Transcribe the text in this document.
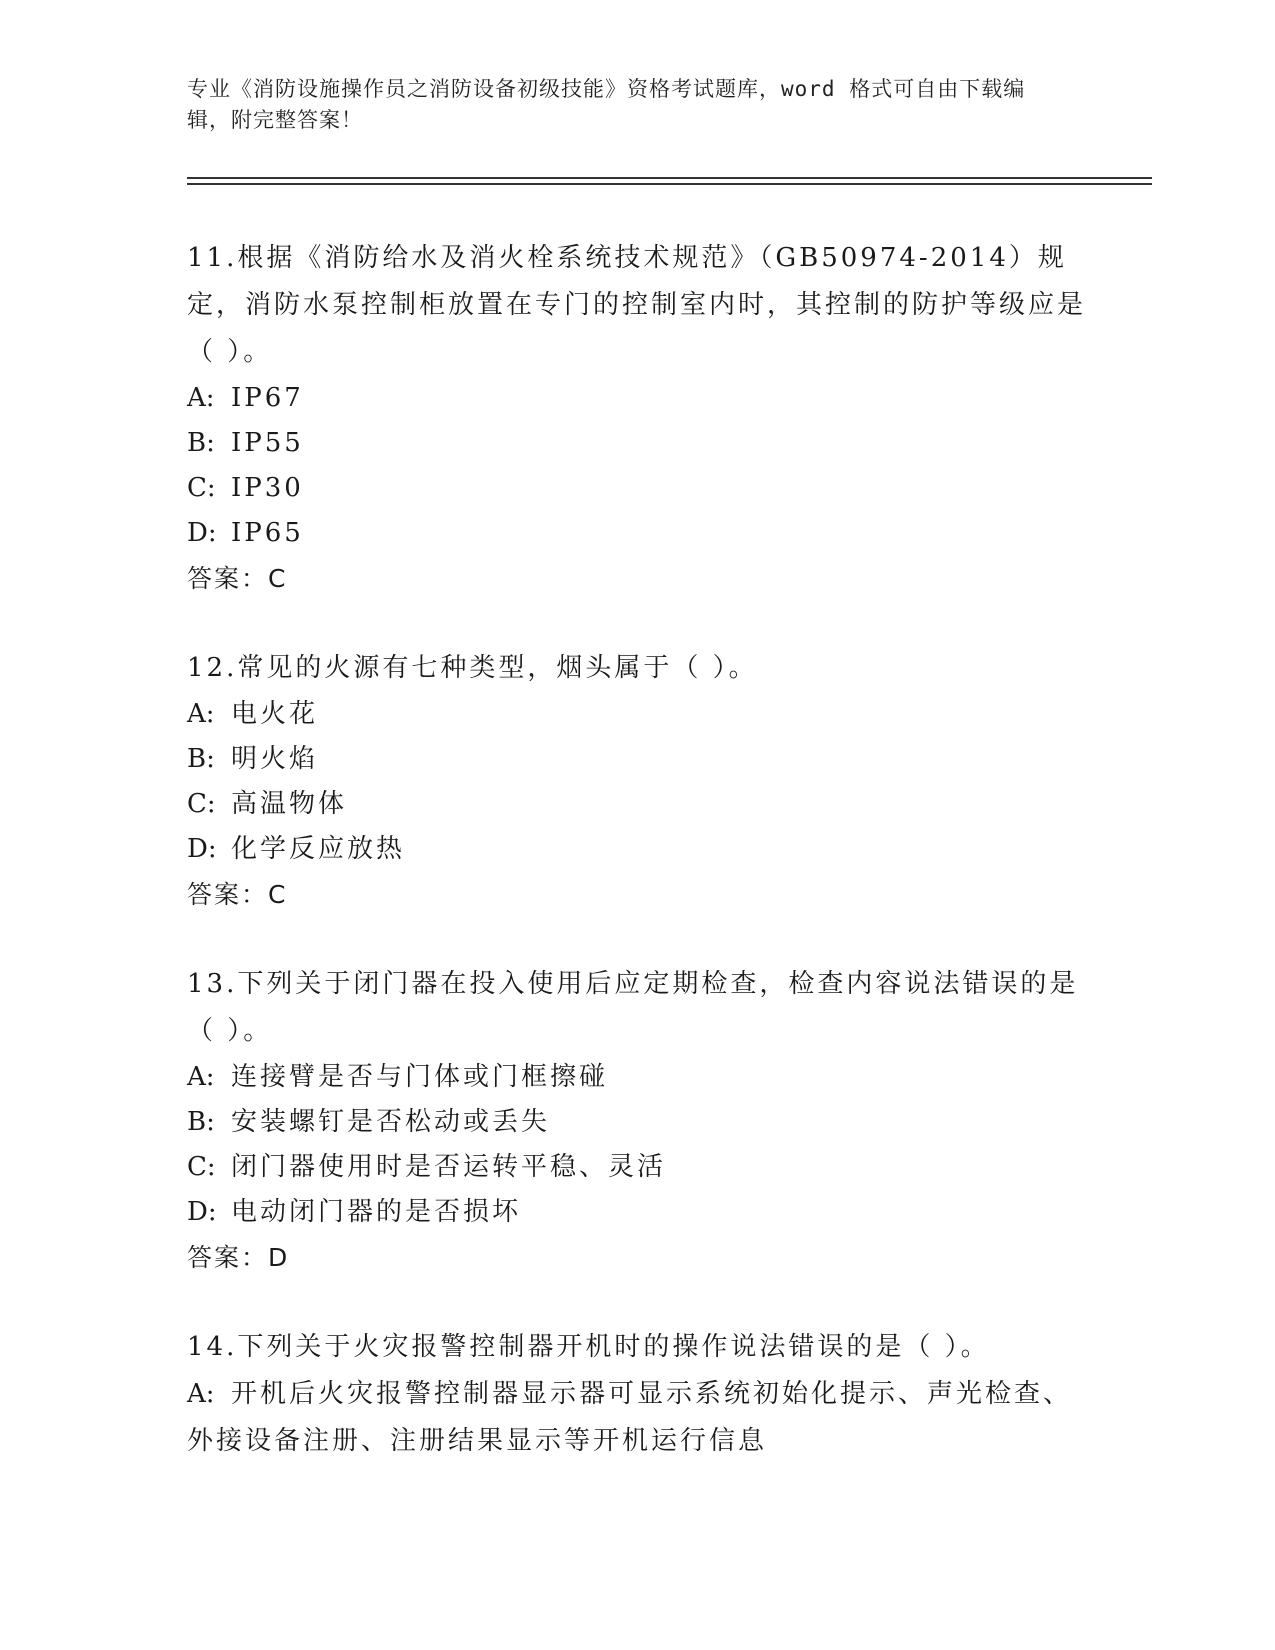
专业《消防设施操作员之消防设备初级技能》资格考试题库，word 格式可自由下载编辑，附完整答案！
11.根据《消防给水及消火栓系统技术规范》（GB50974-2014）规定，消防水泵控制柜放置在专门的控制室内时，其控制的防护等级应是（ ）。
A: IP67
B: IP55
C: IP30
D: IP65
答案：C
12.常见的火源有七种类型，烟头属于（ ）。
A: 电火花
B: 明火焰
C: 高温物体
D: 化学反应放热
答案：C
13.下列关于闭门器在投入使用后应定期检查，检查内容说法错误的是（ ）。
A: 连接臂是否与门体或门框擦碰
B: 安装螺钉是否松动或丢失
C: 闭门器使用时是否运转平稳、灵活
D: 电动闭门器的是否损坏
答案：D
14.下列关于火灾报警控制器开机时的操作说法错误的是（ ）。
A: 开机后火灾报警控制器显示器可显示系统初始化提示、声光检查、外接设备注册、注册结果显示等开机运行信息
